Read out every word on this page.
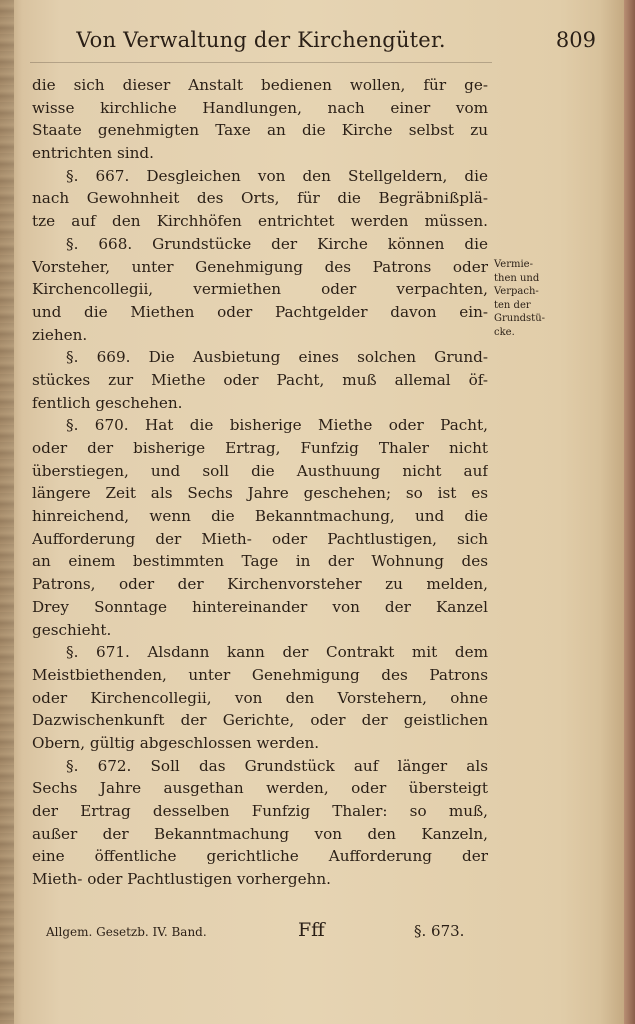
Von Verwaltung der Kirchengüter.	809
die sich dieser Anstalt bedienen wollen, für ge-
wisse kirchliche Handlungen, nach einer vom
Staate genehmigten Taxe an die Kirche selbst zu
entrichten sind.
§. 667. Desgleichen von den Stellgeldern, die
nach Gewohnheit des Orts, für die Begräbnißplä-
tze auf den Kirchhöfen entrichtet werden müssen.
§. 668. Grundstücke der Kirche können die
Vorsteher, unter Genehmigung des Patrons oder
Kirchencollegii, vermiethen oder verpachten,
und die Miethen oder Pachtgelder davon ein-
ziehen.
§. 669. Die Ausbietung eines solchen Grund-
stückes zur Miethe oder Pacht, muß allemal öf-
fentlich geschehen.
§. 670. Hat die bisherige Miethe oder Pacht,
oder der bisherige Ertrag, Funfzig Thaler nicht
überstiegen, und soll die Austhuung nicht auf
längere Zeit als Sechs Jahre geschehen; so ist es
hinreichend, wenn die Bekanntmachung, und die
Aufforderung der Mieth- oder Pachtlustigen, sich
an einem bestimmten Tage in der Wohnung des
Patrons, oder der Kirchenvorsteher zu melden,
Drey Sonntage hintereinander von der Kanzel
geschieht.
§. 671. Alsdann kann der Contrakt mit dem
Meistbiethenden, unter Genehmigung des Patrons
oder Kirchencollegii, von den Vorstehern, ohne
Dazwischenkunft der Gerichte, oder der geistlichen
Obern, gültig abgeschlossen werden.
§. 672. Soll das Grundstück auf länger als
Sechs Jahre ausgethan werden, oder übersteigt
der Ertrag desselben Funfzig Thaler: so muß,
außer der Bekanntmachung von den Kanzeln,
eine öffentliche gerichtliche Aufforderung der
Mieth- oder Pachtlustigen vorhergehn.
Vermie-
then und
Verpach-
ten der
Grundstü-
cke.
Allgem. Gesetzb. IV. Band.	Fff	§. 673.
